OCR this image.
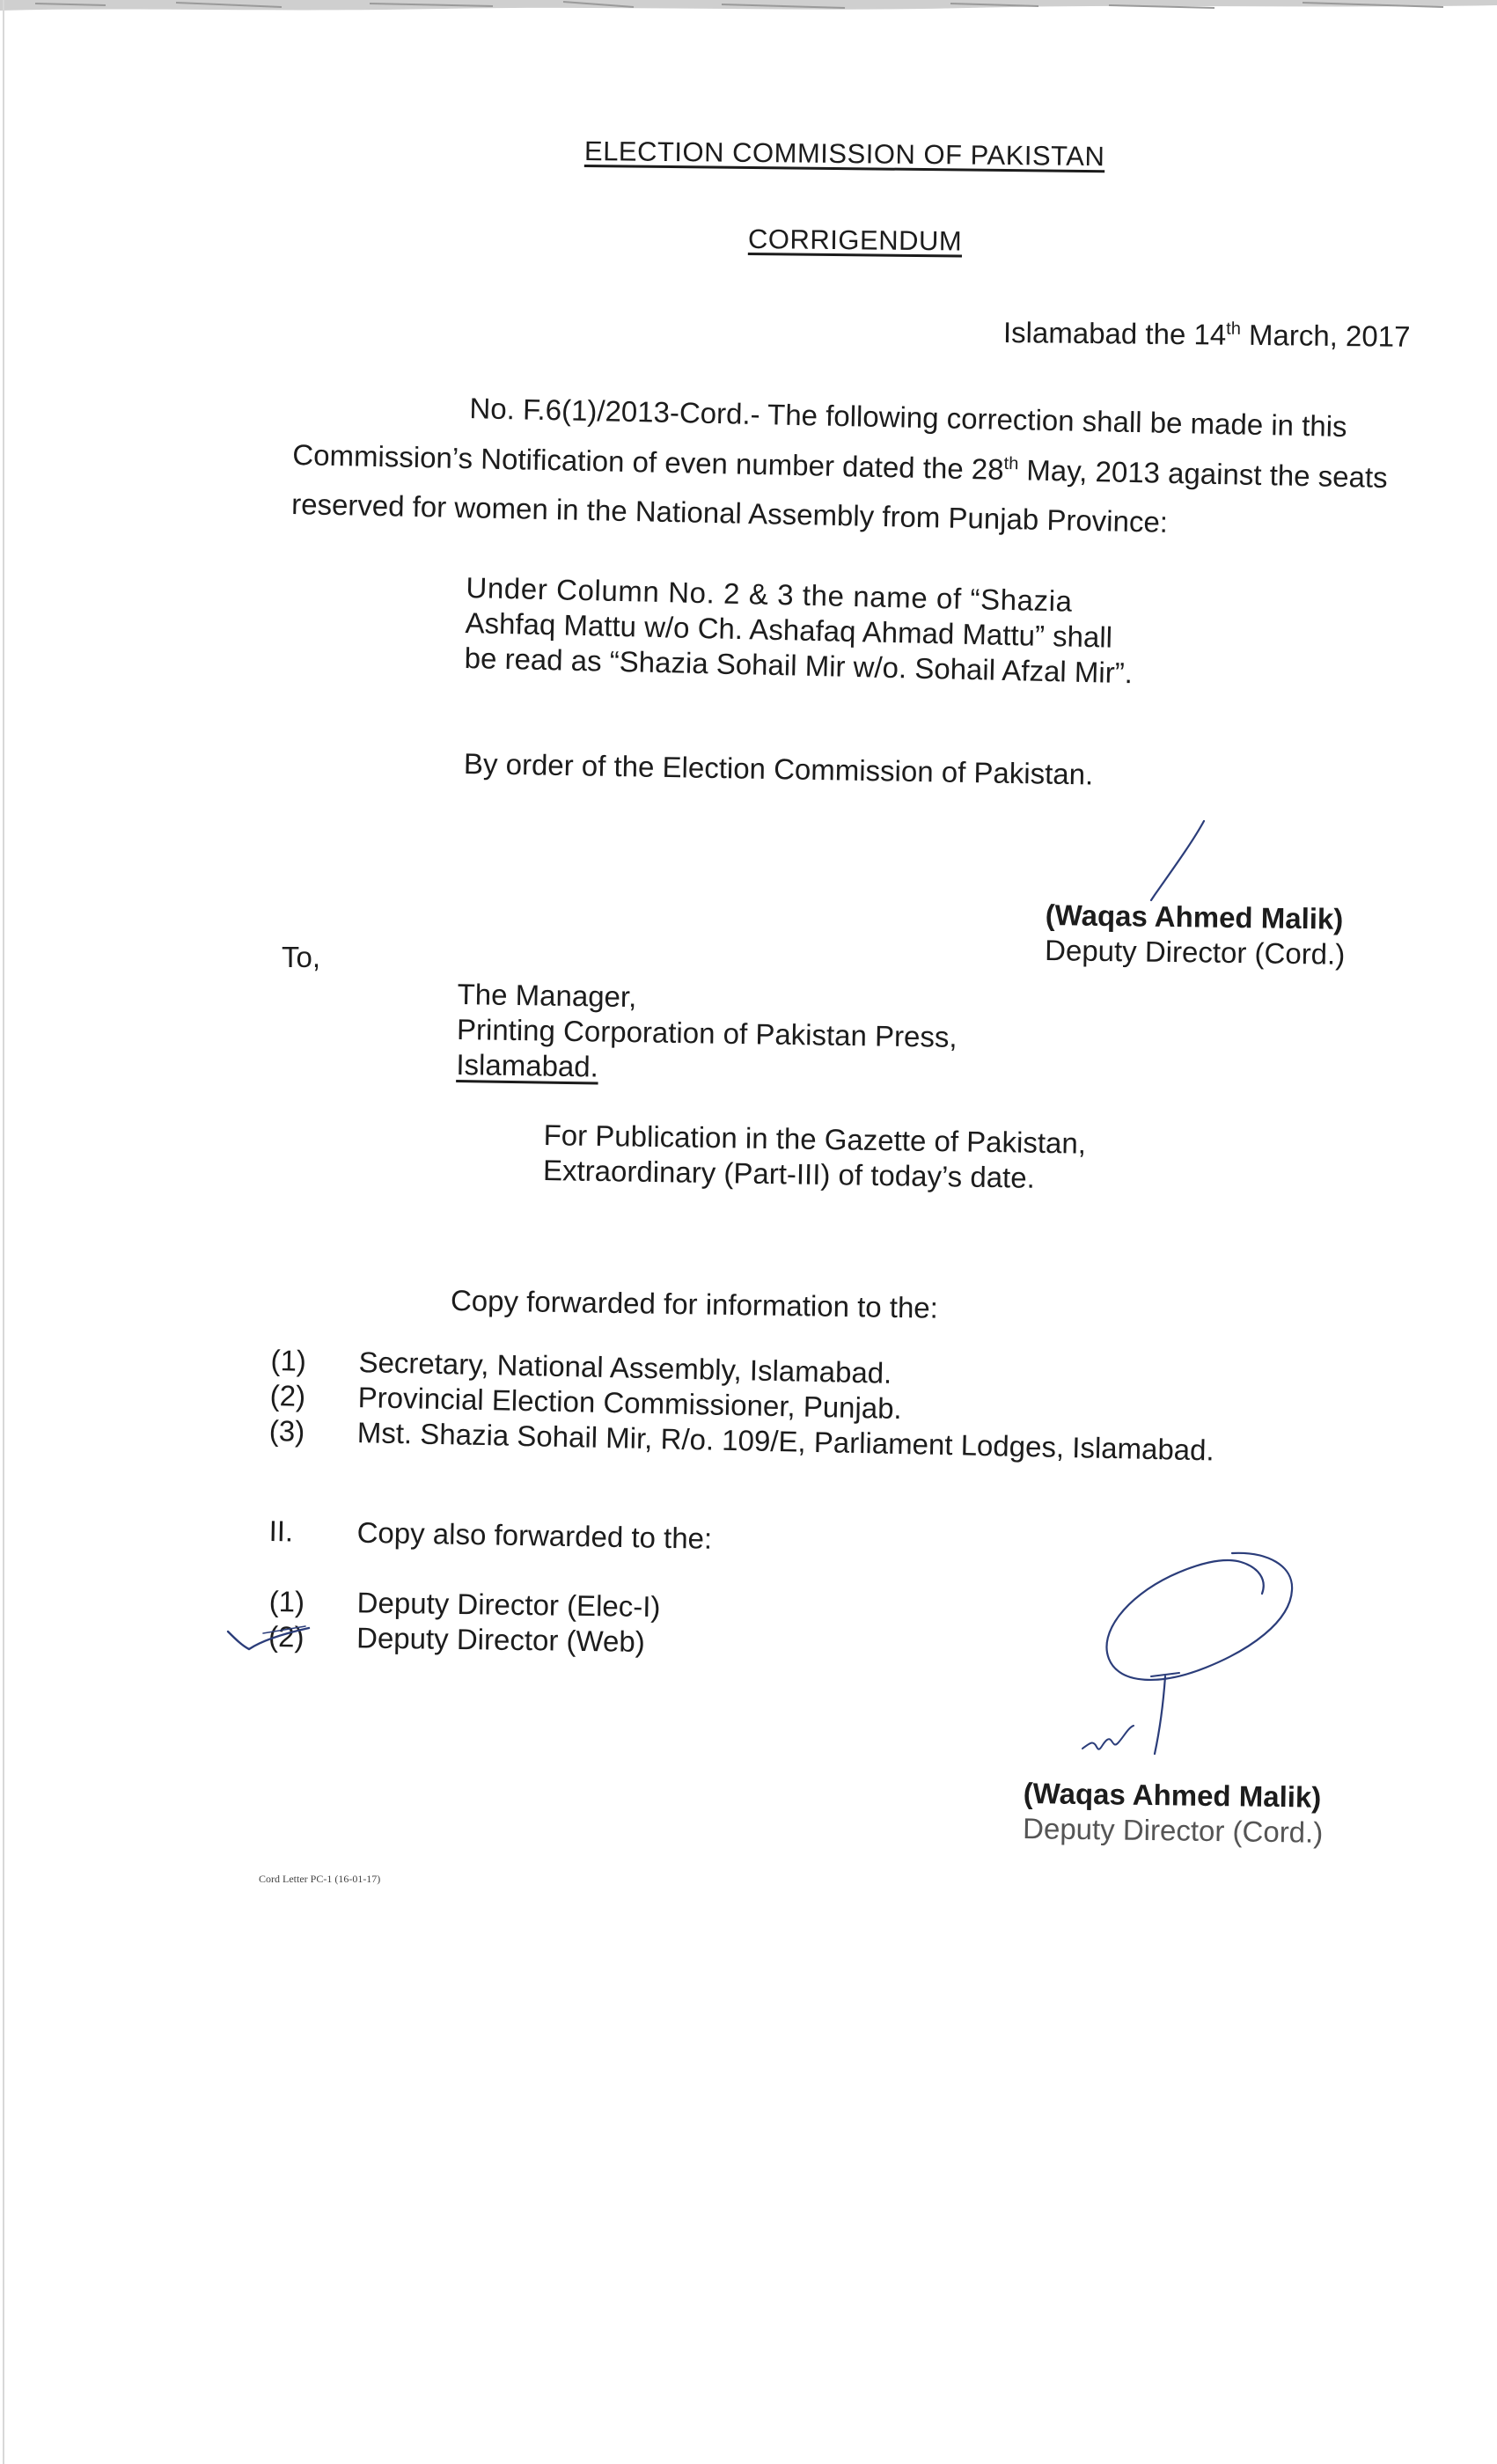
ELECTION COMMISSION OF PAKISTAN
CORRIGENDUM
Islamabad the 14th March, 2017
No. F.6(1)/2013-Cord.- The following correction shall be made in this
Commission’s Notification of even number dated the 28th May, 2013 against the seats
reserved for women in the National Assembly from Punjab Province:
Under Column No. 2 & 3 the name of “Shazia
Ashfaq Mattu w/o Ch. Ashafaq Ahmad Mattu” shall
be read as “Shazia Sohail Mir w/o. Sohail Afzal Mir”.
By order of the Election Commission of Pakistan.
(Waqas Ahmed Malik)
Deputy Director (Cord.)
To,
The Manager,
Printing Corporation of Pakistan Press,
Islamabad.
For Publication in the Gazette of Pakistan,
Extraordinary (Part-III) of today’s date.
Copy forwarded for information to the:
(1) Secretary, National Assembly, Islamabad.
(2) Provincial Election Commissioner, Punjab.
(3) Mst. Shazia Sohail Mir, R/o. 109/E, Parliament Lodges, Islamabad.
II. Copy also forwarded to the:
(1) Deputy Director (Elec-I)
(2) Deputy Director (Web)
(Waqas Ahmed Malik)
Deputy Director (Cord.)
Cord Letter PC-1 (16-01-17)
